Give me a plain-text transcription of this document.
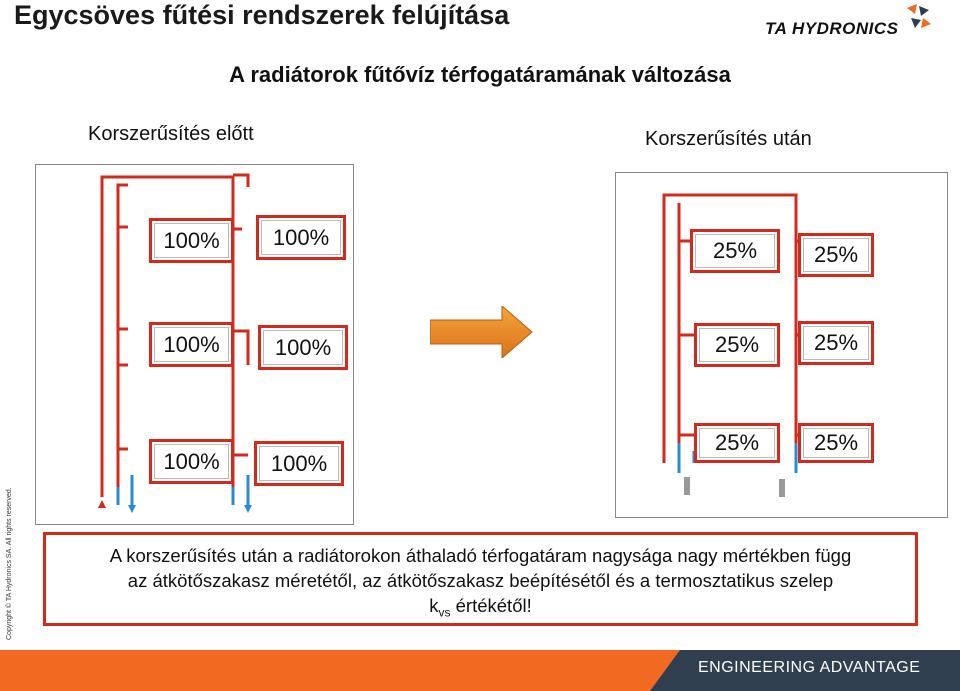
Egycsöves fűtési rendszerek felújítása	TA HYDRONICS
A radiátorok fűtővíz térfogatáramának változása
Korszerűsítés előtt	Korszerűsítés után
Copyright © TA Hydronics SA. All rights reserved.
100% 100%
100%	100%
100% 100%
25%	25%
25% 25%
25% 25%
A korszerűsítés után a radiátorokon áthaladó térfogatáram nagysága nagy mértékben függ
az átkötőszakasz méretétől, az átkötőszakasz beépítésétől és a termosztatikus szelep
$k_{vs}$ értékétől!
ENGINEERING ADVANTAGE
